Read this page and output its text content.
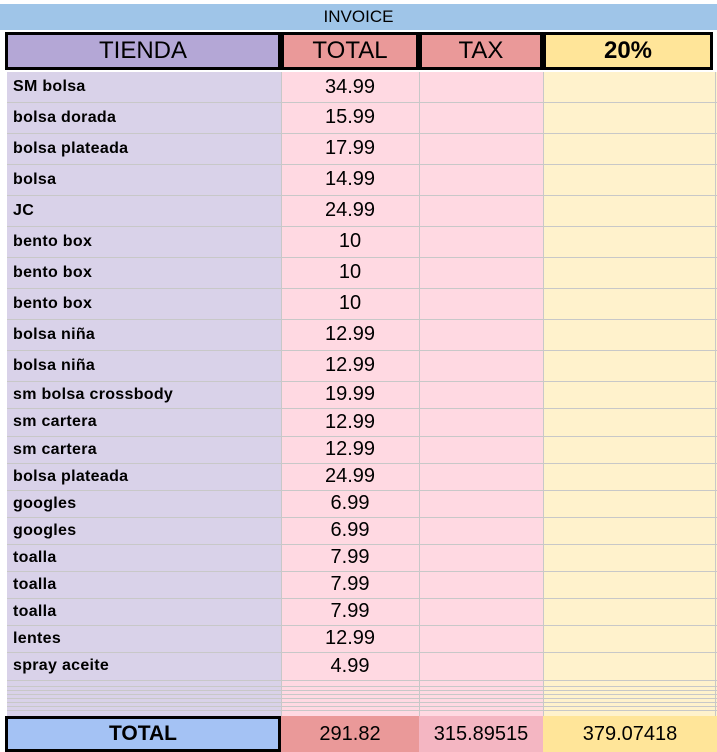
INVOICE
TIENDA	TOTAL	TAX	20%
SM bolsa	34.99
bolsa dorada	15.99
bolsa plateada	17.99
bolsa	14.99
JC	24.99
bento box	10
bento box	10
bento box	10
bolsa niña	12.99
bolsa niña	12.99
sm bolsa crossbody	19.99
sm cartera	12.99
sm cartera	12.99
bolsa plateada	24.99
googles	6.99
googles	6.99
toalla	7.99
toalla	7.99
toalla	7.99
lentes	12.99
spray aceite	4.99
TOTAL	291.82	315.89515	379.07418
